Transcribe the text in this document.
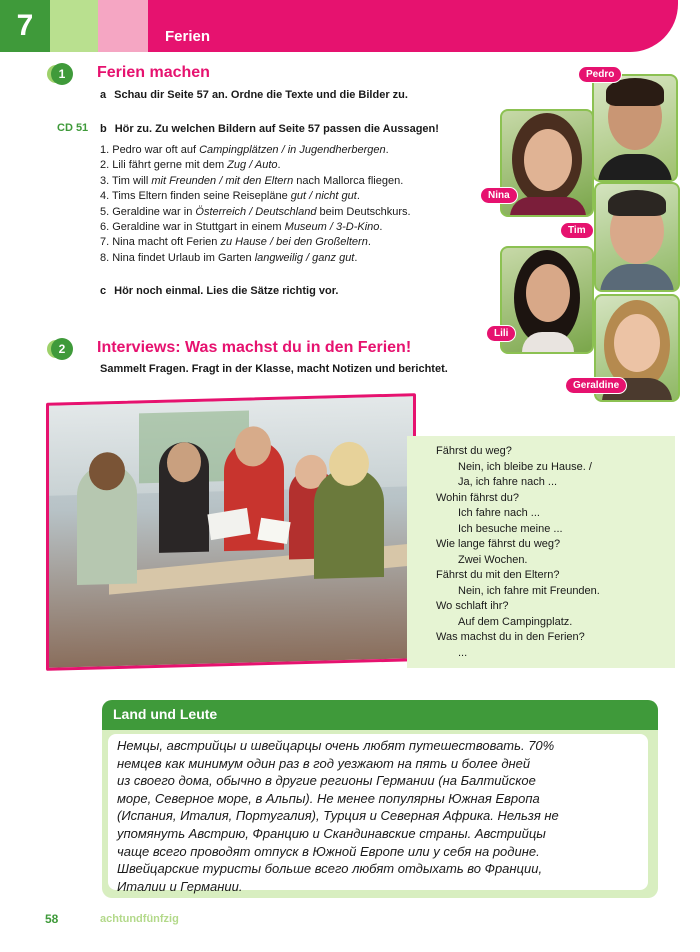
7	Ferien
1	Ferien machen
a Schau dir Seite 57 an. Ordne die Texte und die Bilder zu.
CD 51 b Hör zu. Zu welchen Bildern auf Seite 57 passen die Aussagen!
1. Pedro war oft auf Campingplätzen / in Jugendherbergen.
2. Lili fährt gerne mit dem Zug / Auto.
3. Tim will mit Freunden / mit den Eltern nach Mallorca fliegen.
4. Tims Eltern finden seine Reisepläne gut / nicht gut.
5. Geraldine war in Österreich / Deutschland beim Deutschkurs.
6. Geraldine war in Stuttgart in einem Museum / 3-D-Kino.
7. Nina macht oft Ferien zu Hause / bei den Großeltern.
8. Nina findet Urlaub im Garten langweilig / ganz gut.
c Hör noch einmal. Lies die Sätze richtig vor.
Pedro
Nina
Tim
Lili
Geraldine
2	Interviews: Was machst du in den Ferien!
Sammelt Fragen. Fragt in der Klasse, macht Notizen und berichtet.
Fährst du weg?
Nein, ich bleibe zu Hause. /
Ja, ich fahre nach ...
Wohin fährst du?
Ich fahre nach ...
Ich besuche meine ...
Wie lange fährst du weg?
Zwei Wochen.
Fährst du mit den Eltern?
Nein, ich fahre mit Freunden.
Wo schlaft ihr?
Auf dem Campingplatz.
Was machst du in den Ferien?
...
Land und Leute
Немцы, австрийцы и швейцарцы очень любят путешествовать. 70%
немцев как минимум один раз в год уезжают на пять и более дней
из своего дома, обычно в другие регионы Германии (на Балтийское
море, Северное море, в Альпы). Не менее популярны Южная Европа
(Испания, Италия, Португалия), Турция и Северная Африка. Нельзя не
упомянуть Австрию, Францию и Скандинавские страны. Австрийцы
чаще всего проводят отпуск в Южной Европе или у себя на родине.
Швейцарские туристы больше всего любят отдыхать во Франции,
Италии и Германии.
58	achtundfünfzig
